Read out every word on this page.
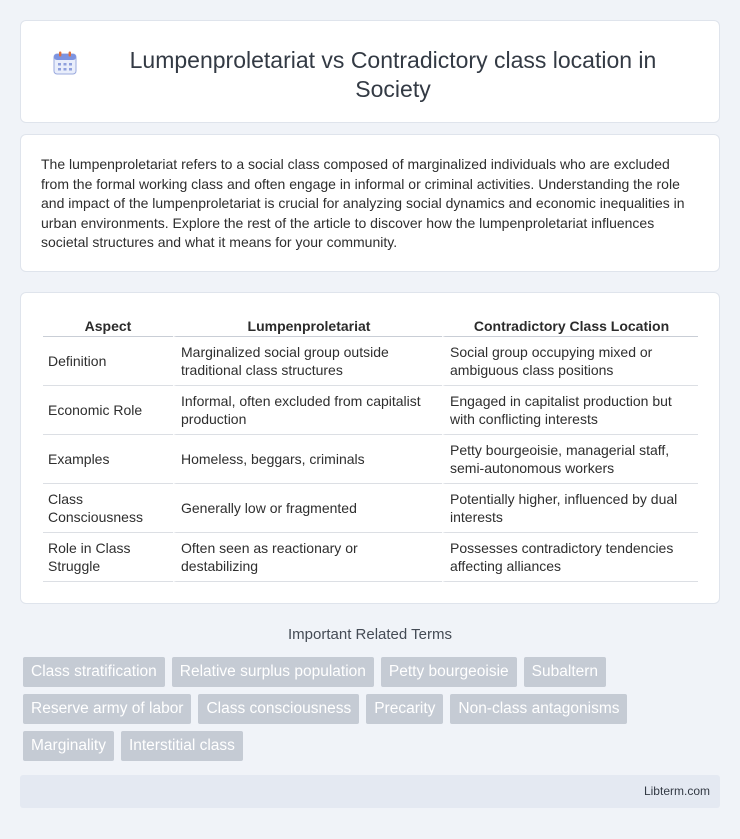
Lumpenproletariat vs Contradictory class location in Society

The lumpenproletariat refers to a social class composed of marginalized individuals who are excluded from the formal working class and often engage in informal or criminal activities. Understanding the role and impact of the lumpenproletariat is crucial for analyzing social dynamics and economic inequalities in urban environments. Explore the rest of the article to discover how the lumpenproletariat influences societal structures and what it means for your community.

Aspect	Lumpenproletariat	Contradictory Class Location
Definition	Marginalized social group outside traditional class structures	Social group occupying mixed or ambiguous class positions
Economic Role	Informal, often excluded from capitalist production	Engaged in capitalist production but with conflicting interests
Examples	Homeless, beggars, criminals	Petty bourgeoisie, managerial staff, semi-autonomous workers
Class Consciousness	Generally low or fragmented	Potentially higher, influenced by dual interests
Role in Class Struggle	Often seen as reactionary or destabilizing	Possesses contradictory tendencies affecting alliances
Important Related Terms
Class stratification	Relative surplus population	Petty bourgeoisie	Subaltern
Reserve army of labor	Class consciousness	Precarity	Non-class antagonisms
Marginality	Interstitial class
Libterm.com
